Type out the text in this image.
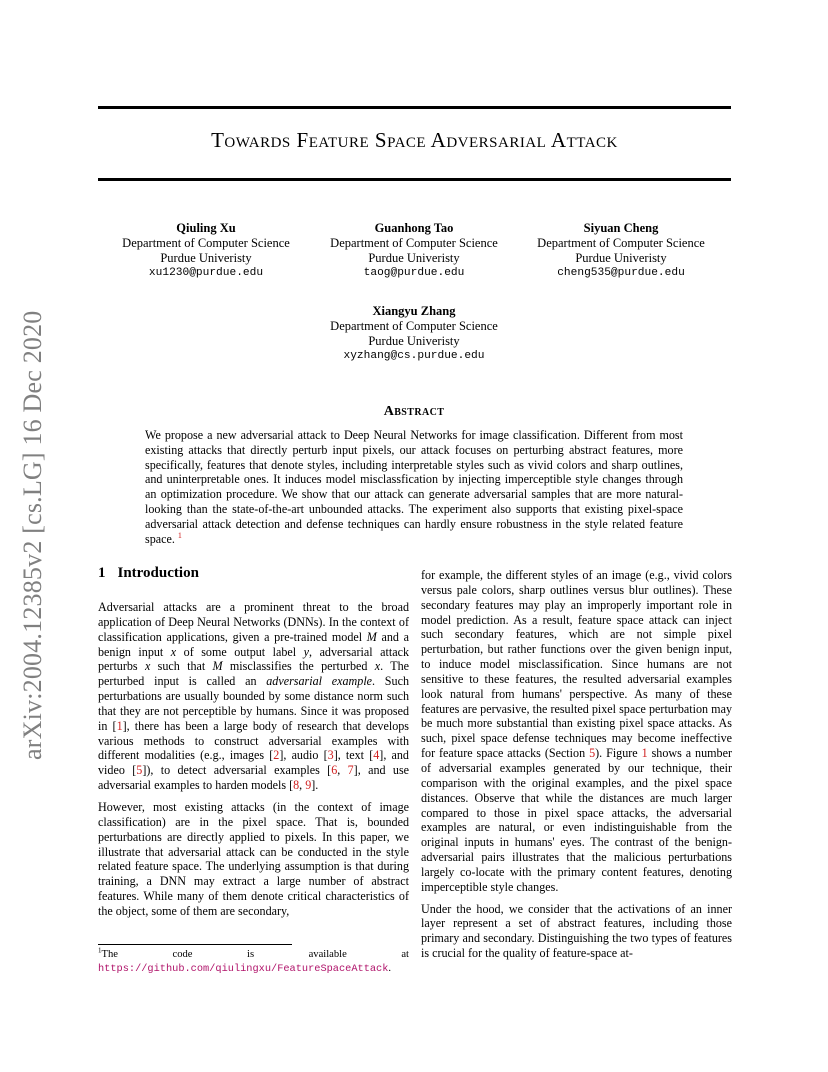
Towards Feature Space Adversarial Attack
arXiv:2004.12385v2 [cs.LG] 16 Dec 2020
Qiuling Xu
Department of Computer Science
Purdue Univeristy
xu1230@purdue.edu
Guanhong Tao
Department of Computer Science
Purdue Univeristy
taog@purdue.edu
Siyuan Cheng
Department of Computer Science
Purdue Univeristy
cheng535@purdue.edu
Xiangyu Zhang
Department of Computer Science
Purdue Univeristy
xyzhang@cs.purdue.edu
Abstract
We propose a new adversarial attack to Deep Neural Networks for image classification. Different from most existing attacks that directly perturb input pixels, our attack focuses on perturbing abstract features, more specifically, features that denote styles, including interpretable styles such as vivid colors and sharp outlines, and uninterpretable ones. It induces model misclassfication by injecting imperceptible style changes through an optimization procedure. We show that our attack can generate adversarial samples that are more natural-looking than the state-of-the-art unbounded attacks. The experiment also supports that existing pixel-space adversarial attack detection and defense techniques can hardly ensure robustness in the style related feature space. $^1$
1 Introduction

Adversarial attacks are a prominent threat to the broad application of Deep Neural Networks (DNNs). In the context of classification applications, given a pre-trained model M and a benign input x of some output label y, adversarial attack perturbs x such that M misclassifies the perturbed x. The perturbed input is called an adversarial example. Such perturbations are usually bounded by some distance norm such that they are not perceptible by humans. Since it was proposed in [1], there has been a large body of research that develops various methods to construct adversarial examples with different modalities (e.g., images [2], audio [3], text [4], and video [5]), to detect adversarial examples [6, 7], and use adversarial examples to harden models [8, 9].

However, most existing attacks (in the context of image classification) are in the pixel space. That is, bounded perturbations are directly applied to pixels. In this paper, we illustrate that adversarial attack can be conducted in the style related feature space. The underlying assumption is that during training, a DNN may extract a large number of abstract features. While many of them denote critical characteristics of the object, some of them are secondary,

for example, the different styles of an image (e.g., vivid colors versus pale colors, sharp outlines versus blur outlines). These secondary features may play an improperly important role in model prediction. As a result, feature space attack can inject such secondary features, which are not simple pixel perturbation, but rather functions over the given benign input, to induce model misclassification. Since humans are not sensitive to these features, the resulted adversarial examples look natural from humans' perspective. As many of these features are pervasive, the resulted pixel space perturbation may be much more substantial than existing pixel space attacks. As such, pixel space defense techniques may become ineffective for feature space attacks (Section 5). Figure 1 shows a number of adversarial examples generated by our technique, their comparison with the original examples, and the pixel space distances. Observe that while the distances are much larger compared to those in pixel space attacks, the adversarial examples are natural, or even indistinguishable from the original inputs in humans' eyes. The contrast of the benign-adversarial pairs illustrates that the malicious perturbations largely co-locate with the primary content features, denoting imperceptible style changes.

Under the hood, we consider that the activations of an inner layer represent a set of abstract features, including those primary and secondary. Distinguishing the two types of features is crucial for the quality of feature-space at-

$^1$The code is available at https://github.com/qiulingxu/FeatureSpaceAttack.
